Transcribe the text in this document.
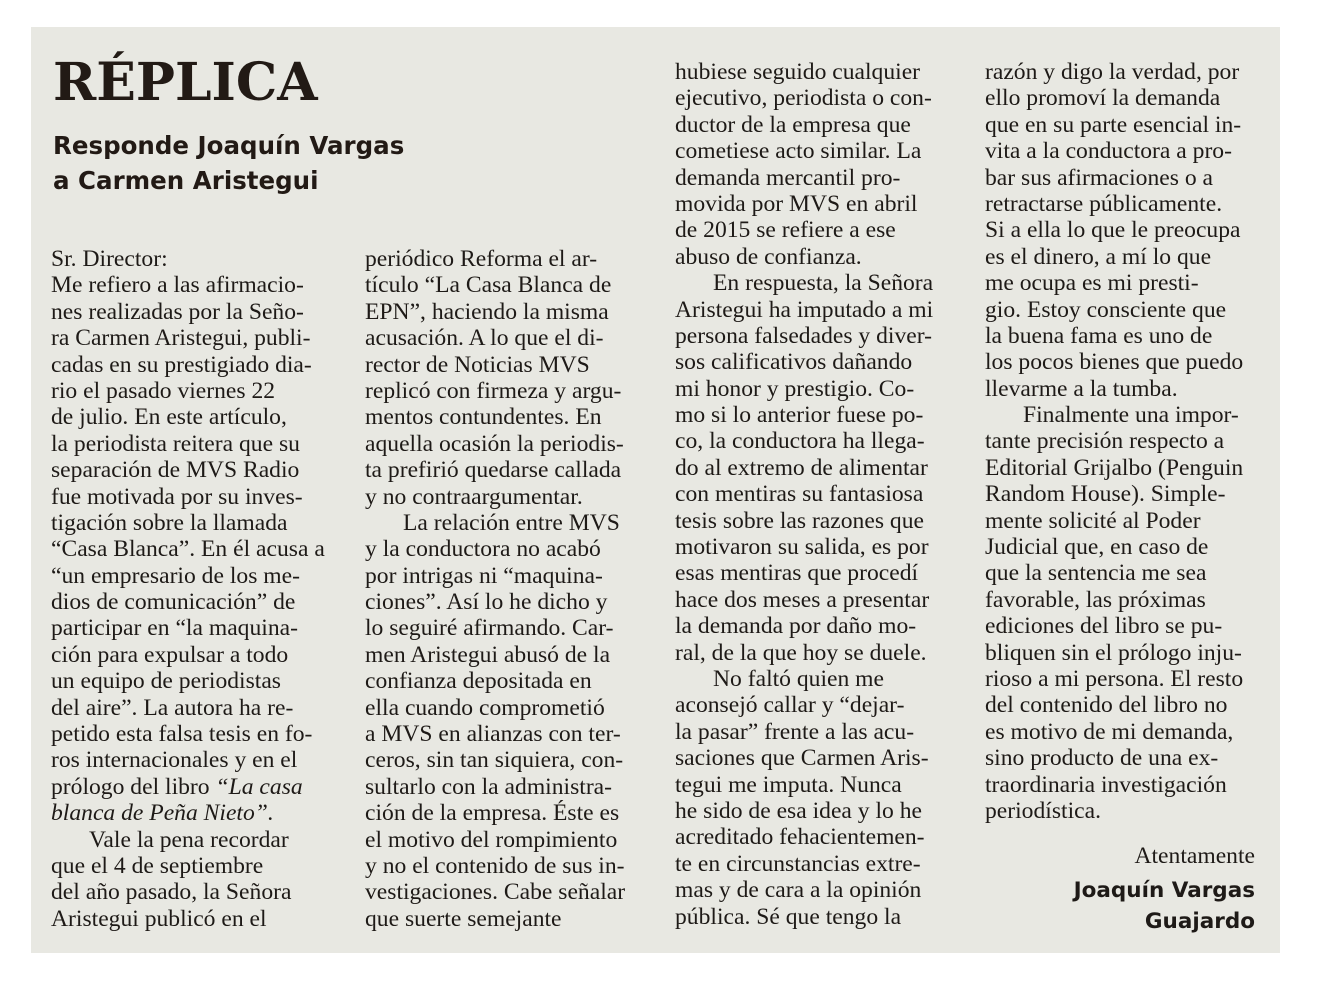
RÉPLICA
Responde Joaquín Vargas
a Carmen Aristegui
Sr. Director:
Me refiero a las afirmacio-
nes realizadas por la Seño-
ra Carmen Aristegui, publi-
cadas en su prestigiado dia-
rio el pasado viernes 22
de julio. En este artículo,
la periodista reitera que su
separación de MVS Radio
fue motivada por su inves-
tigación sobre la llamada
“Casa Blanca”. En él acusa a
“un empresario de los me-
dios de comunicación” de
participar en “la maquina-
ción para expulsar a todo
un equipo de periodistas
del aire”. La autora ha re-
petido esta falsa tesis en fo-
ros internacionales y en el
prólogo del libro “La casa
blanca de Peña Nieto”.
Vale la pena recordar
que el 4 de septiembre
del año pasado, la Señora
Aristegui publicó en el
periódico Reforma el ar-
tículo “La Casa Blanca de
EPN”, haciendo la misma
acusación. A lo que el di-
rector de Noticias MVS
replicó con firmeza y argu-
mentos contundentes. En
aquella ocasión la periodis-
ta prefirió quedarse callada
y no contraargumentar.
La relación entre MVS
y la conductora no acabó
por intrigas ni “maquina-
ciones”. Así lo he dicho y
lo seguiré afirmando. Car-
men Aristegui abusó de la
confianza depositada en
ella cuando comprometió
a MVS en alianzas con ter-
ceros, sin tan siquiera, con-
sultarlo con la administra-
ción de la empresa. Éste es
el motivo del rompimiento
y no el contenido de sus in-
vestigaciones. Cabe señalar
que suerte semejante
hubiese seguido cualquier
ejecutivo, periodista o con-
ductor de la empresa que
cometiese acto similar. La
demanda mercantil pro-
movida por MVS en abril
de 2015 se refiere a ese
abuso de confianza.
En respuesta, la Señora
Aristegui ha imputado a mi
persona falsedades y diver-
sos calificativos dañando
mi honor y prestigio. Co-
mo si lo anterior fuese po-
co, la conductora ha llega-
do al extremo de alimentar
con mentiras su fantasiosa
tesis sobre las razones que
motivaron su salida, es por
esas mentiras que procedí
hace dos meses a presentar
la demanda por daño mo-
ral, de la que hoy se duele.
No faltó quien me
aconsejó callar y “dejar-
la pasar” frente a las acu-
saciones que Carmen Aris-
tegui me imputa. Nunca
he sido de esa idea y lo he
acreditado fehacientemen-
te en circunstancias extre-
mas y de cara a la opinión
pública. Sé que tengo la
razón y digo la verdad, por
ello promoví la demanda
que en su parte esencial in-
vita a la conductora a pro-
bar sus afirmaciones o a
retractarse públicamente.
Si a ella lo que le preocupa
es el dinero, a mí lo que
me ocupa es mi presti-
gio. Estoy consciente que
la buena fama es uno de
los pocos bienes que puedo
llevarme a la tumba.
Finalmente una impor-
tante precisión respecto a
Editorial Grijalbo (Penguin
Random House). Simple-
mente solicité al Poder
Judicial que, en caso de
que la sentencia me sea
favorable, las próximas
ediciones del libro se pu-
bliquen sin el prólogo inju-
rioso a mi persona. El resto
del contenido del libro no
es motivo de mi demanda,
sino producto de una ex-
traordinaria investigación
periodística.
Atentamente
Joaquín Vargas
Guajardo
